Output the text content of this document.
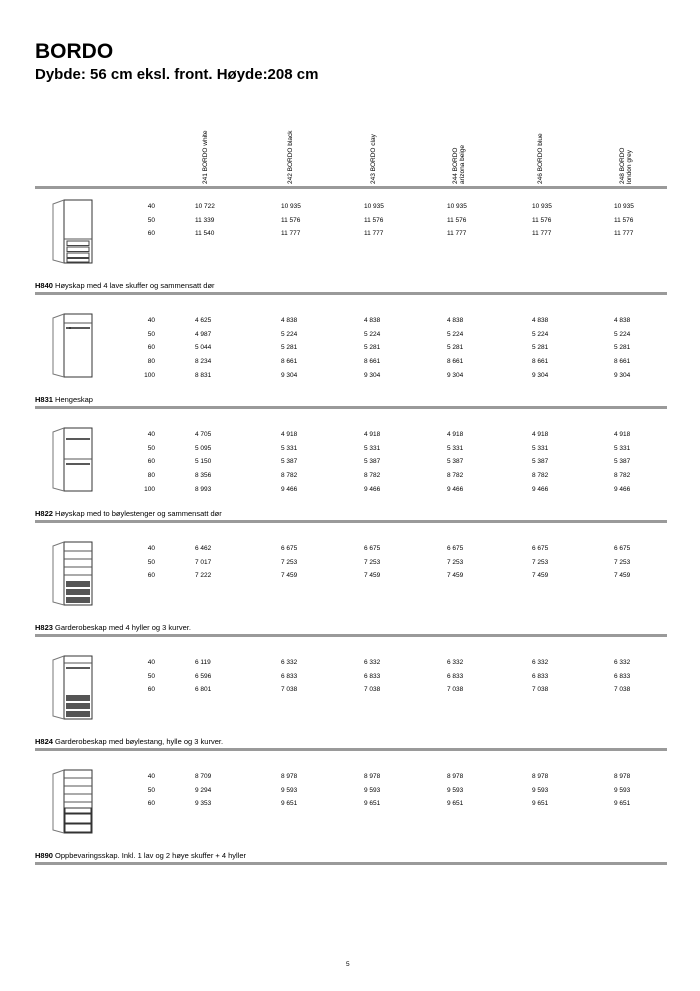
BORDO
Dybde: 56 cm eksl. front. Høyde:208 cm
241 BORDO white	242 BORDO black	243 BORDO clay	244 BORDO arizona beige	246 BORDO blue	248 BORDO london grey
40	10 722	10 935	10 935	10 935	10 935	10 935
50	11 339	11 576	11 576	11 576	11 576	11 576
60	11 540	11 777	11 777	11 777	11 777	11 777
H840 Høyskap med 4 lave skuffer og sammensatt dør
40	4 625	4 838	4 838	4 838	4 838	4 838
50	4 987	5 224	5 224	5 224	5 224	5 224
60	5 044	5 281	5 281	5 281	5 281	5 281
80	8 234	8 661	8 661	8 661	8 661	8 661
100	8 831	9 304	9 304	9 304	9 304	9 304
H831 Hengeskap
40	4 705	4 918	4 918	4 918	4 918	4 918
50	5 095	5 331	5 331	5 331	5 331	5 331
60	5 150	5 387	5 387	5 387	5 387	5 387
80	8 356	8 782	8 782	8 782	8 782	8 782
100	8 993	9 466	9 466	9 466	9 466	9 466
H822 Høyskap med to bøylestenger og sammensatt dør
40	6 462	6 675	6 675	6 675	6 675	6 675
50	7 017	7 253	7 253	7 253	7 253	7 253
60	7 222	7 459	7 459	7 459	7 459	7 459
H823 Garderobeskap med 4 hyller og 3 kurver.
40	6 119	6 332	6 332	6 332	6 332	6 332
50	6 596	6 833	6 833	6 833	6 833	6 833
60	6 801	7 038	7 038	7 038	7 038	7 038
H824 Garderobeskap med bøylestang, hylle og 3 kurver.
40	8 709	8 978	8 978	8 978	8 978	8 978
50	9 294	9 593	9 593	9 593	9 593	9 593
60	9 353	9 651	9 651	9 651	9 651	9 651
H890 Oppbevaringsskap. Inkl. 1 lav og 2 høye skuffer + 4 hyller
5
